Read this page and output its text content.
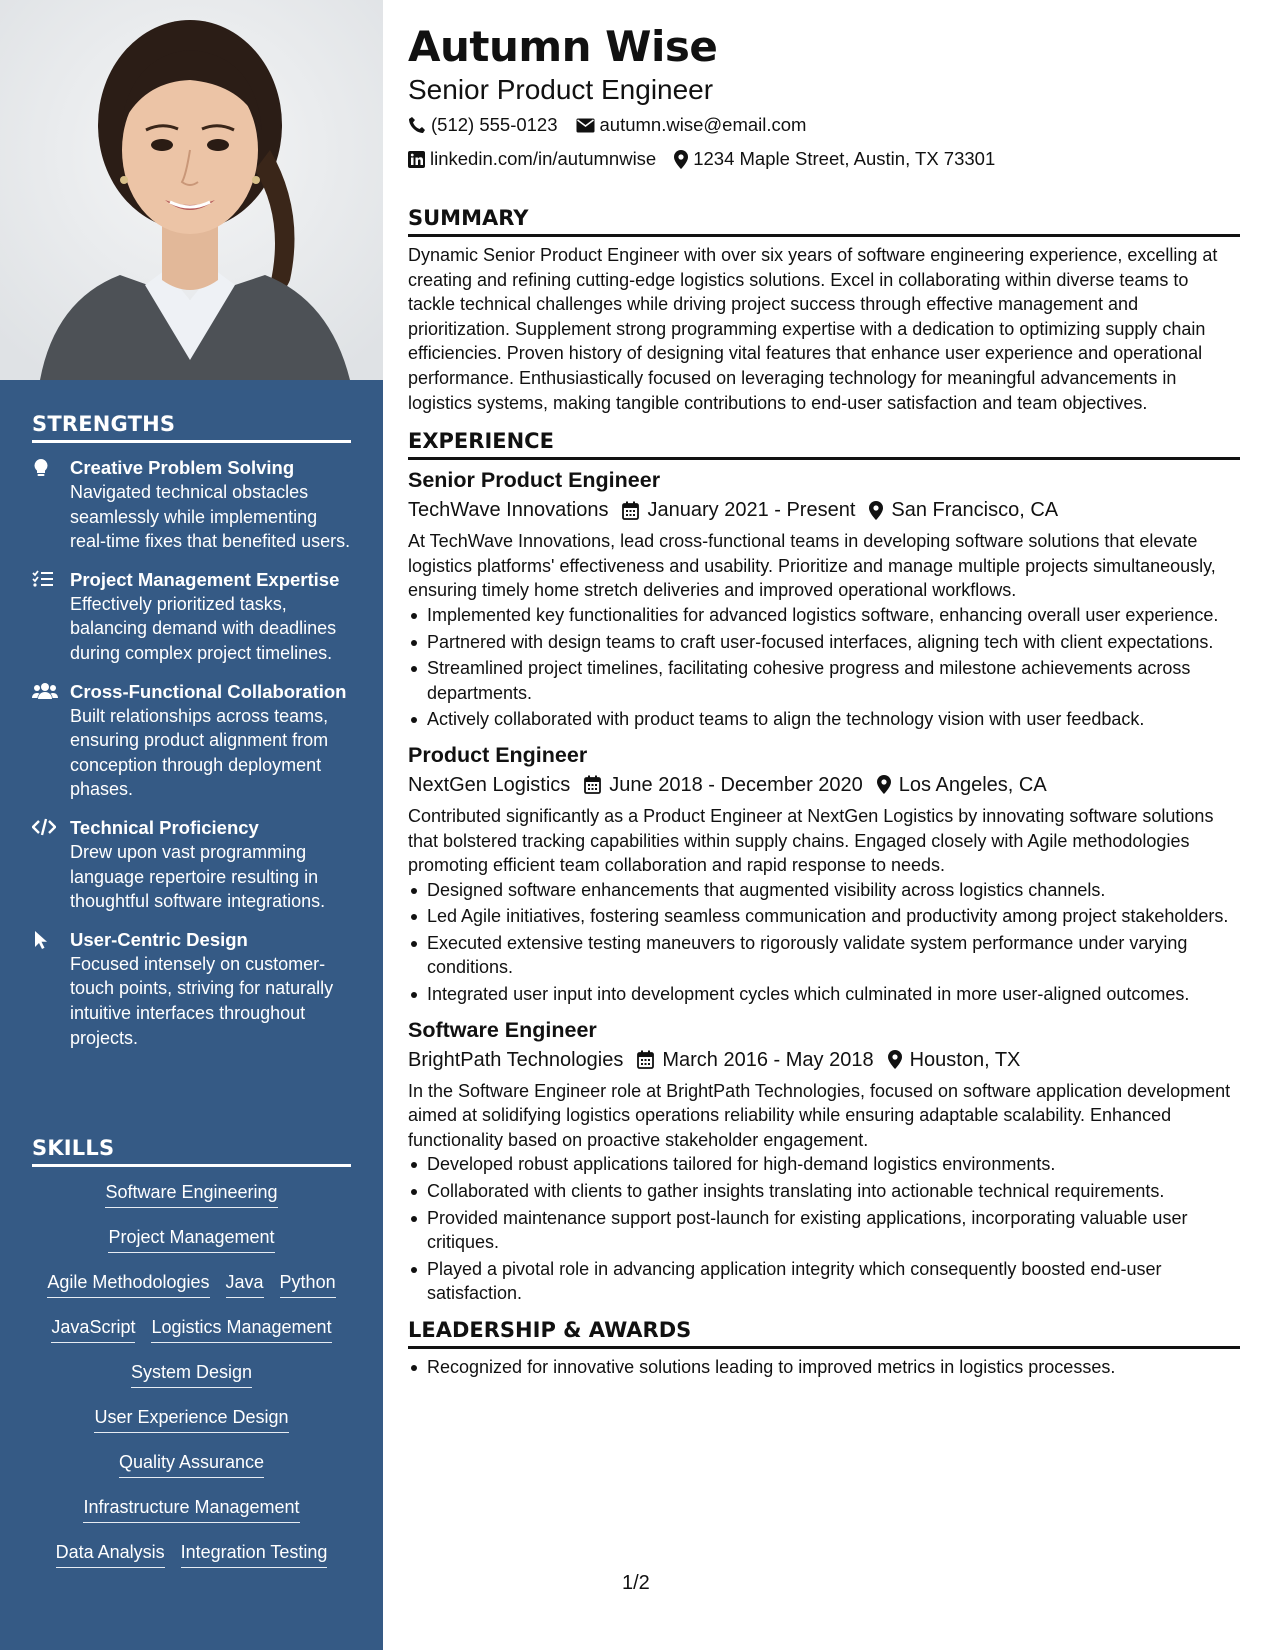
STRENGTHS
Creative Problem Solving
Navigated technical obstacles seamlessly while implementing real-time fixes that benefited users.
Project Management Expertise
Effectively prioritized tasks, balancing demand with deadlines during complex project timelines.
Cross-Functional Collaboration
Built relationships across teams, ensuring product alignment from conception through deployment phases.
Technical Proficiency
Drew upon vast programming language repertoire resulting in thoughtful software integrations.
User-Centric Design
Focused intensely on customer-touch points, striving for naturally intuitive interfaces throughout projects.
SKILLS
Software Engineering
Project Management
Agile Methodologies Java Python
JavaScript Logistics Management
System Design
User Experience Design
Quality Assurance
Infrastructure Management
Data Analysis Integration Testing
Autumn Wise
Senior Product Engineer
(512) 555-0123 autumn.wise@email.com
linkedin.com/in/autumnwise 1234 Maple Street, Austin, TX 73301
SUMMARY
Dynamic Senior Product Engineer with over six years of software engineering experience, excelling at creating and refining cutting-edge logistics solutions. Excel in collaborating within diverse teams to tackle technical challenges while driving project success through effective management and prioritization. Supplement strong programming expertise with a dedication to optimizing supply chain efficiencies. Proven history of designing vital features that enhance user experience and operational performance. Enthusiastically focused on leveraging technology for meaningful advancements in logistics systems, making tangible contributions to end-user satisfaction and team objectives.
EXPERIENCE
Senior Product Engineer
TechWave Innovations January 2021 - Present San Francisco, CA
At TechWave Innovations, lead cross-functional teams in developing software solutions that elevate logistics platforms' effectiveness and usability. Prioritize and manage multiple projects simultaneously, ensuring timely home stretch deliveries and improved operational workflows.
Implemented key functionalities for advanced logistics software, enhancing overall user experience.
Partnered with design teams to craft user-focused interfaces, aligning tech with client expectations.
Streamlined project timelines, facilitating cohesive progress and milestone achievements across departments.
Actively collaborated with product teams to align the technology vision with user feedback.
Product Engineer
NextGen Logistics June 2018 - December 2020 Los Angeles, CA
Contributed significantly as a Product Engineer at NextGen Logistics by innovating software solutions that bolstered tracking capabilities within supply chains. Engaged closely with Agile methodologies promoting efficient team collaboration and rapid response to needs.
Designed software enhancements that augmented visibility across logistics channels.
Led Agile initiatives, fostering seamless communication and productivity among project stakeholders.
Executed extensive testing maneuvers to rigorously validate system performance under varying conditions.
Integrated user input into development cycles which culminated in more user-aligned outcomes.
Software Engineer
BrightPath Technologies March 2016 - May 2018 Houston, TX
In the Software Engineer role at BrightPath Technologies, focused on software application development aimed at solidifying logistics operations reliability while ensuring adaptable scalability. Enhanced functionality based on proactive stakeholder engagement.
Developed robust applications tailored for high-demand logistics environments.
Collaborated with clients to gather insights translating into actionable technical requirements.
Provided maintenance support post-launch for existing applications, incorporating valuable user critiques.
Played a pivotal role in advancing application integrity which consequently boosted end-user satisfaction.
LEADERSHIP & AWARDS
Recognized for innovative solutions leading to improved metrics in logistics processes.
1/2
